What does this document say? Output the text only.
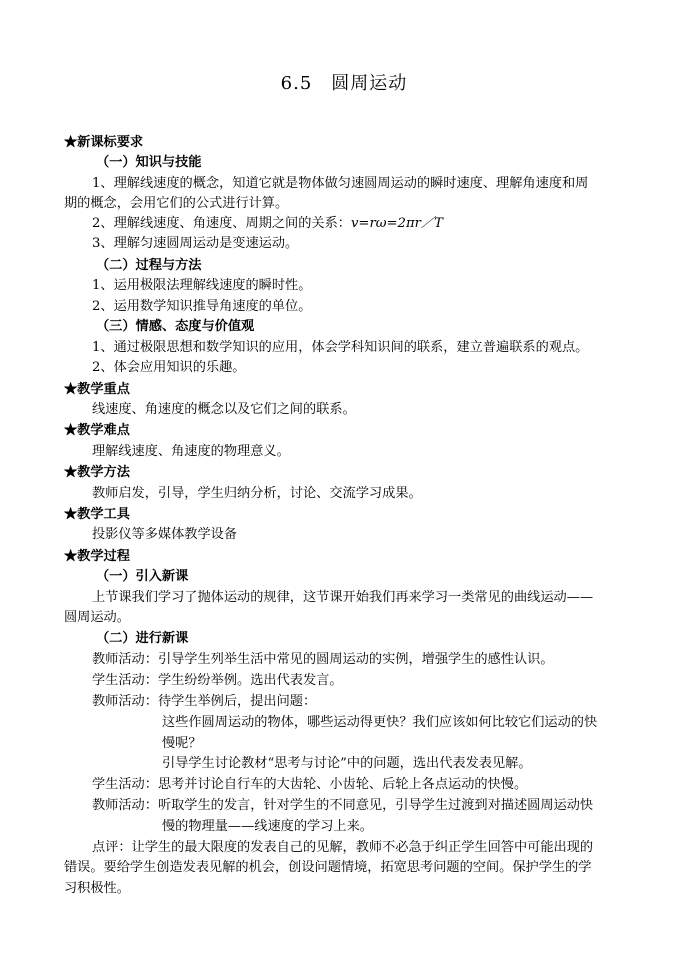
6.5　圆周运动
★新课标要求
（一）知识与技能
1、理解线速度的概念，知道它就是物体做匀速圆周运动的瞬时速度、理解角速度和周
期的概念，会用它们的公式进行计算。
2、理解线速度、角速度、周期之间的关系：v=rω=2πr／T
3、理解匀速圆周运动是变速运动。
（二）过程与方法
1、运用极限法理解线速度的瞬时性。
2、运用数学知识推导角速度的单位。
（三）情感、态度与价值观
1、通过极限思想和数学知识的应用，体会学科知识间的联系，建立普遍联系的观点。
2、体会应用知识的乐趣。
★教学重点
线速度、角速度的概念以及它们之间的联系。
★教学难点
理解线速度、角速度的物理意义。
★教学方法
教师启发，引导，学生归纳分析，讨论、交流学习成果。
★教学工具
投影仪等多媒体教学设备
★教学过程
（一）引入新课
上节课我们学习了抛体运动的规律，这节课开始我们再来学习一类常见的曲线运动——
圆周运动。
（二）进行新课
教师活动：引导学生列举生活中常见的圆周运动的实例，增强学生的感性认识。
学生活动：学生纷纷举例。选出代表发言。
教师活动：待学生举例后，提出问题：
这些作圆周运动的物体，哪些运动得更快？我们应该如何比较它们运动的快
慢呢？
引导学生讨论教材“思考与讨论”中的问题，选出代表发表见解。
学生活动：思考并讨论自行车的大齿轮、小齿轮、后轮上各点运动的快慢。
教师活动：听取学生的发言，针对学生的不同意见，引导学生过渡到对描述圆周运动快
慢的物理量——线速度的学习上来。
点评：让学生的最大限度的发表自己的见解，教师不必急于纠正学生回答中可能出现的
错误。要给学生创造发表见解的机会，创设问题情境，拓宽思考问题的空间。保护学生的学
习积极性。
